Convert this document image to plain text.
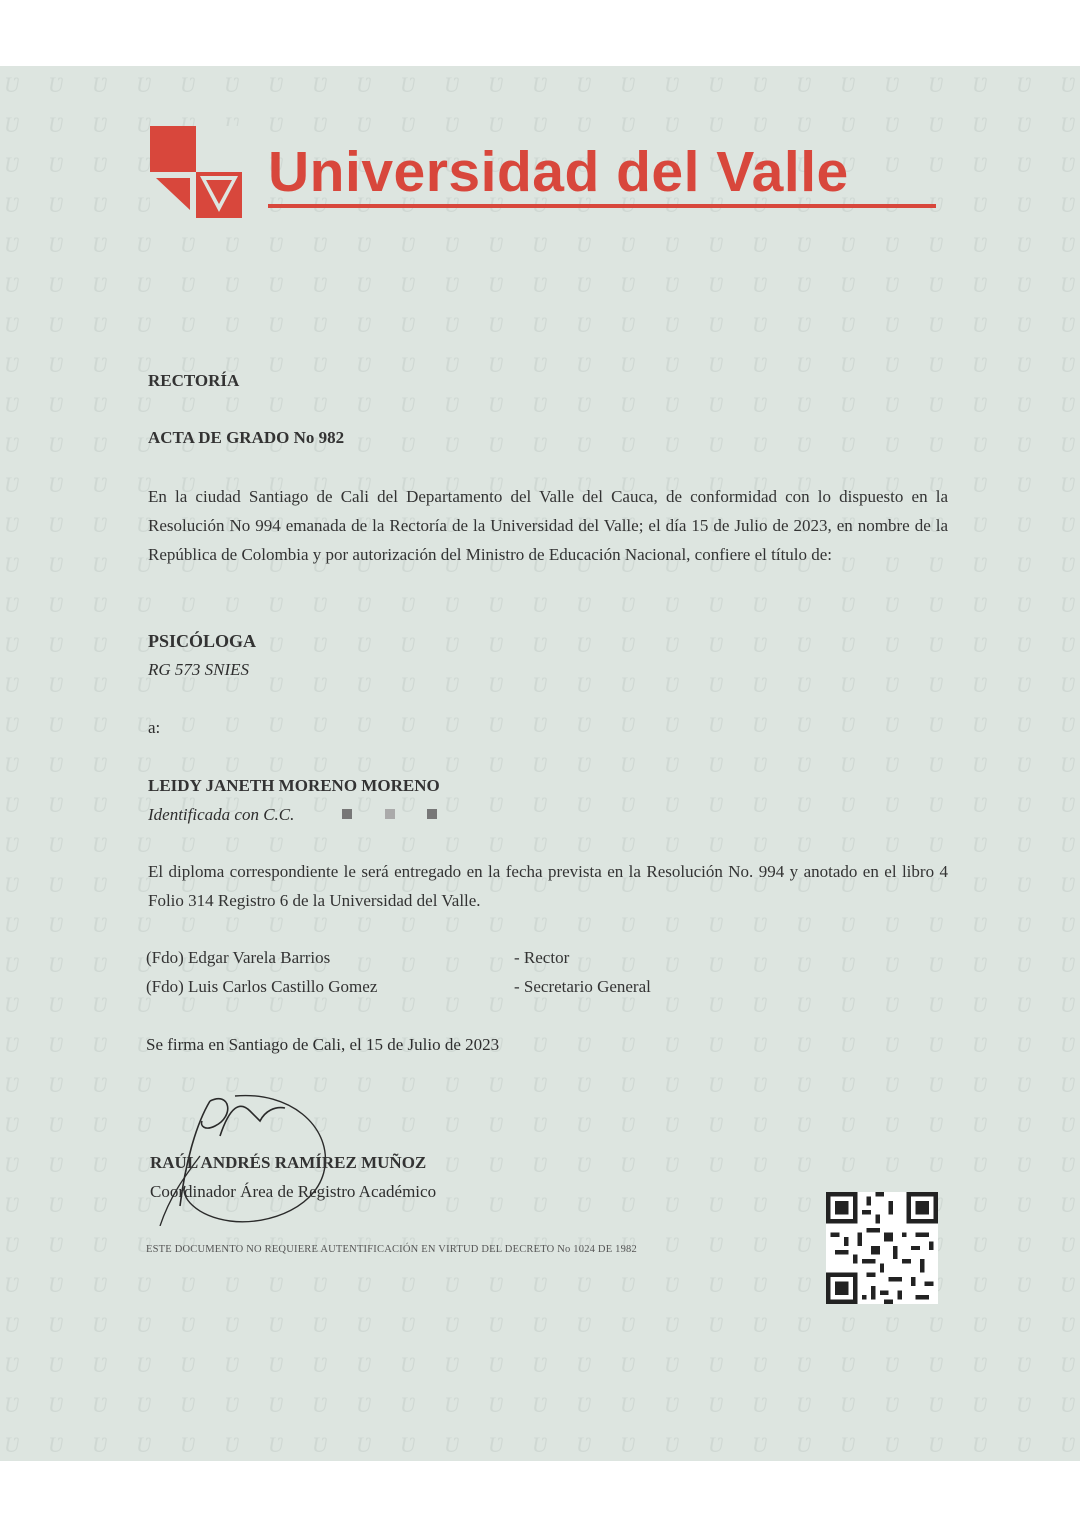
Universidad del Valle
RECTORÍA
ACTA DE GRADO No 982
En la ciudad Santiago de Cali del Departamento del Valle del Cauca, de conformidad con lo dispuesto en la Resolución No 994 emanada de la Rectoría de la Universidad del Valle; el día 15 de Julio de 2023, en nombre de la República de Colombia y por autorización del Ministro de Educación Nacional, confiere el título de:
PSICÓLOGA
RG 573 SNIES
a:
LEIDY JANETH MORENO MORENO
Identificada con C.C.
El diploma correspondiente le será entregado en la fecha prevista en la Resolución No. 994 y anotado en el libro 4 Folio 314 Registro 6 de la Universidad del Valle.
(Fdo) Edgar Varela Barrios	- Rector
(Fdo) Luis Carlos Castillo Gomez	- Secretario General
Se firma en Santiago de Cali, el 15 de Julio de 2023
RAÚL ANDRÉS RAMÍREZ MUÑOZ
Coordinador Área de Registro Académico
ESTE DOCUMENTO NO REQUIERE AUTENTIFICACIÓN EN VIRTUD DEL DECRETO No 1024 DE 1982
